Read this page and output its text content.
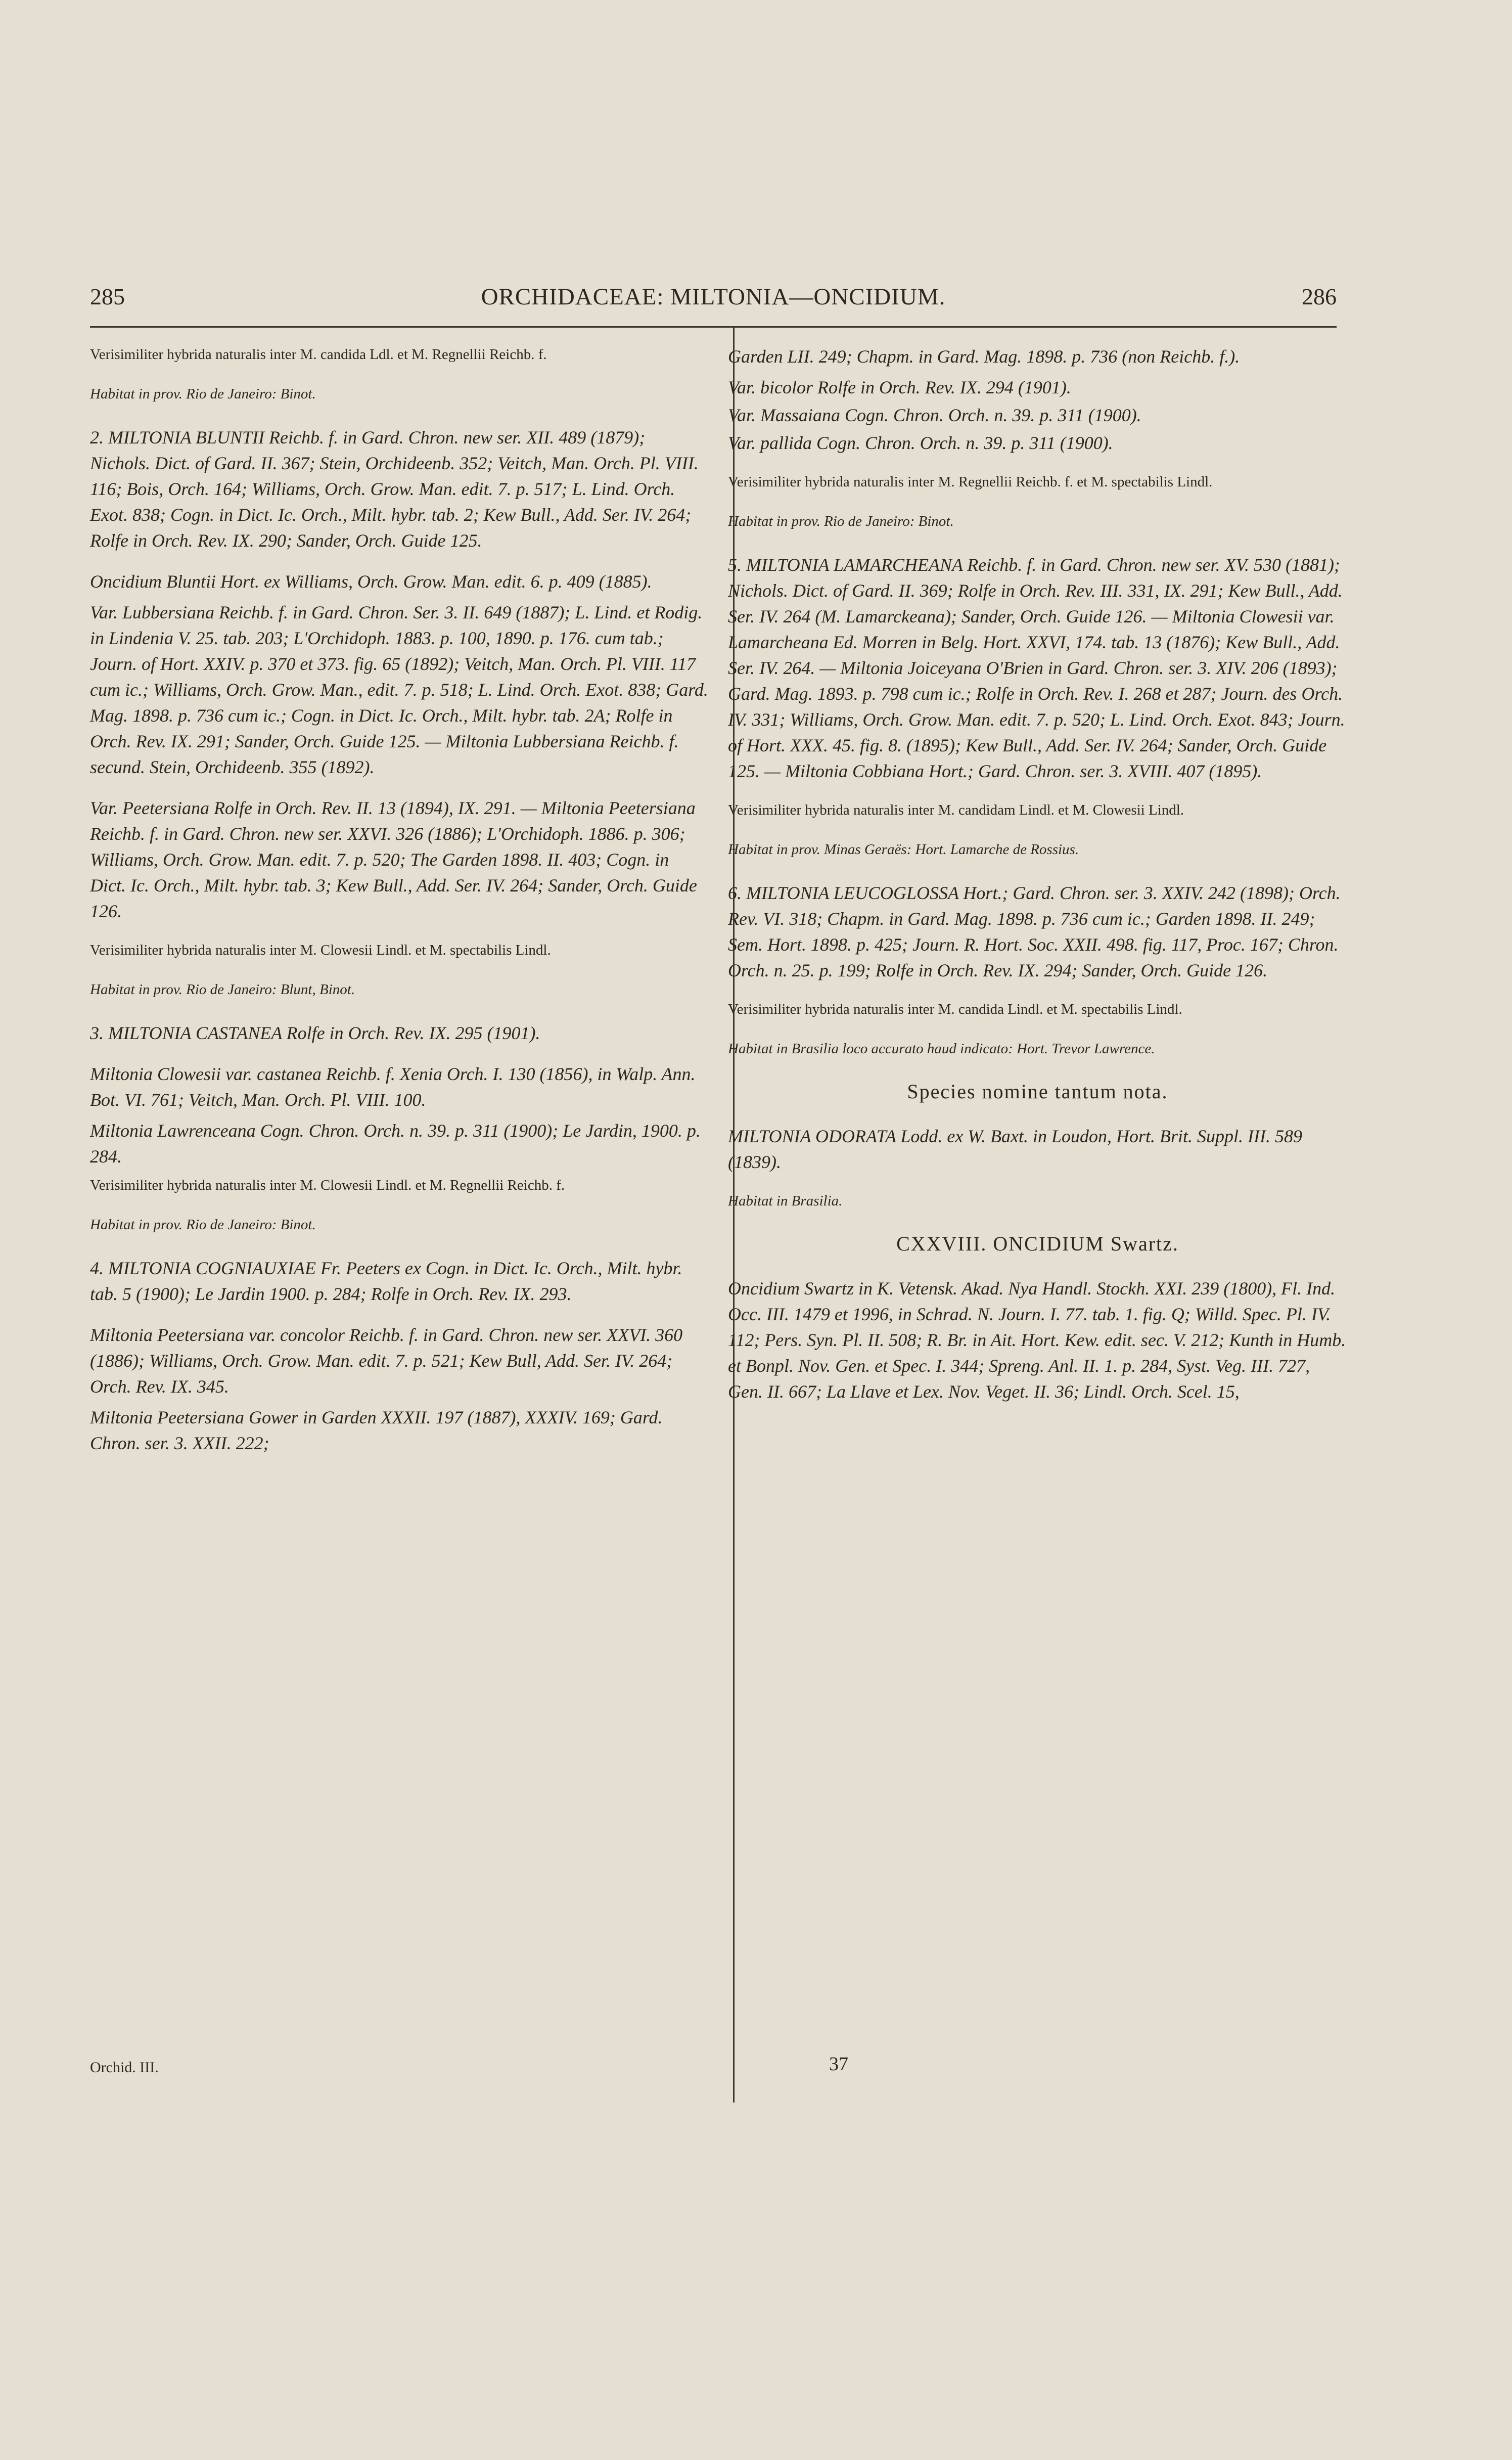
285	ORCHIDACEAE: MILTONIA—ONCIDIUM.	286

Verisimiliter hybrida naturalis inter M. candida Ldl. et M. Regnellii Reichb. f.

Habitat in prov. Rio de Janeiro: Binot.

2. MILTONIA BLUNTII Reichb. f. in Gard. Chron. new ser. XII. 489 (1879); Nichols. Dict. of Gard. II. 367; Stein, Orchideenb. 352; Veitch, Man. Orch. Pl. VIII. 116; Bois, Orch. 164; Williams, Orch. Grow. Man. edit. 7. p. 517; L. Lind. Orch. Exot. 838; Cogn. in Dict. Ic. Orch., Milt. hybr. tab. 2; Kew Bull., Add. Ser. IV. 264; Rolfe in Orch. Rev. IX. 290; Sander, Orch. Guide 125.

Oncidium Bluntii Hort. ex Williams, Orch. Grow. Man. edit. 6. p. 409 (1885).

Var. Lubbersiana Reichb. f. in Gard. Chron. Ser. 3. II. 649 (1887); L. Lind. et Rodig. in Lindenia V. 25. tab. 203; L'Orchidoph. 1883. p. 100, 1890. p. 176. cum tab.; Journ. of Hort. XXIV. p. 370 et 373. fig. 65 (1892); Veitch, Man. Orch. Pl. VIII. 117 cum ic.; Williams, Orch. Grow. Man., edit. 7. p. 518; L. Lind. Orch. Exot. 838; Gard. Mag. 1898. p. 736 cum ic.; Cogn. in Dict. Ic. Orch., Milt. hybr. tab. 2A; Rolfe in Orch. Rev. IX. 291; Sander, Orch. Guide 125. — Miltonia Lubbersiana Reichb. f. secund. Stein, Orchideenb. 355 (1892).

Var. Peetersiana Rolfe in Orch. Rev. II. 13 (1894), IX. 291. — Miltonia Peetersiana Reichb. f. in Gard. Chron. new ser. XXVI. 326 (1886); L'Orchidoph. 1886. p. 306; Williams, Orch. Grow. Man. edit. 7. p. 520; The Garden 1898. II. 403; Cogn. in Dict. Ic. Orch., Milt. hybr. tab. 3; Kew Bull., Add. Ser. IV. 264; Sander, Orch. Guide 126.

Verisimiliter hybrida naturalis inter M. Clowesii Lindl. et M. spectabilis Lindl.

Habitat in prov. Rio de Janeiro: Blunt, Binot.

3. MILTONIA CASTANEA Rolfe in Orch. Rev. IX. 295 (1901).

Miltonia Clowesii var. castanea Reichb. f. Xenia Orch. I. 130 (1856), in Walp. Ann. Bot. VI. 761; Veitch, Man. Orch. Pl. VIII. 100.

Miltonia Lawrenceana Cogn. Chron. Orch. n. 39. p. 311 (1900); Le Jardin, 1900. p. 284.

Verisimiliter hybrida naturalis inter M. Clowesii Lindl. et M. Regnellii Reichb. f.

Habitat in prov. Rio de Janeiro: Binot.

4. MILTONIA COGNIAUXIAE Fr. Peeters ex Cogn. in Dict. Ic. Orch., Milt. hybr. tab. 5 (1900); Le Jardin 1900. p. 284; Rolfe in Orch. Rev. IX. 293.

Miltonia Peetersiana var. concolor Reichb. f. in Gard. Chron. new ser. XXVI. 360 (1886); Williams, Orch. Grow. Man. edit. 7. p. 521; Kew Bull, Add. Ser. IV. 264; Orch. Rev. IX. 345.

Miltonia Peetersiana Gower in Garden XXXII. 197 (1887), XXXIV. 169; Gard. Chron. ser. 3. XXII. 222;

Garden LII. 249; Chapm. in Gard. Mag. 1898. p. 736 (non Reichb. f.).

Var. bicolor Rolfe in Orch. Rev. IX. 294 (1901).

Var. Massaiana Cogn. Chron. Orch. n. 39. p. 311 (1900).

Var. pallida Cogn. Chron. Orch. n. 39. p. 311 (1900).

Verisimiliter hybrida naturalis inter M. Regnellii Reichb. f. et M. spectabilis Lindl.

Habitat in prov. Rio de Janeiro: Binot.

5. MILTONIA LAMARCHEANA Reichb. f. in Gard. Chron. new ser. XV. 530 (1881); Nichols. Dict. of Gard. II. 369; Rolfe in Orch. Rev. III. 331, IX. 291; Kew Bull., Add. Ser. IV. 264 (M. Lamarckeana); Sander, Orch. Guide 126. — Miltonia Clowesii var. Lamarcheana Ed. Morren in Belg. Hort. XXVI, 174. tab. 13 (1876); Kew Bull., Add. Ser. IV. 264. — Miltonia Joiceyana O'Brien in Gard. Chron. ser. 3. XIV. 206 (1893); Gard. Mag. 1893. p. 798 cum ic.; Rolfe in Orch. Rev. I. 268 et 287; Journ. des Orch. IV. 331; Williams, Orch. Grow. Man. edit. 7. p. 520; L. Lind. Orch. Exot. 843; Journ. of Hort. XXX. 45. fig. 8. (1895); Kew Bull., Add. Ser. IV. 264; Sander, Orch. Guide 125. — Miltonia Cobbiana Hort.; Gard. Chron. ser. 3. XVIII. 407 (1895).

Verisimiliter hybrida naturalis inter M. candidam Lindl. et M. Clowesii Lindl.

Habitat in prov. Minas Geraës: Hort. Lamarche de Rossius.

6. MILTONIA LEUCOGLOSSA Hort.; Gard. Chron. ser. 3. XXIV. 242 (1898); Orch. Rev. VI. 318; Chapm. in Gard. Mag. 1898. p. 736 cum ic.; Garden 1898. II. 249; Sem. Hort. 1898. p. 425; Journ. R. Hort. Soc. XXII. 498. fig. 117, Proc. 167; Chron. Orch. n. 25. p. 199; Rolfe in Orch. Rev. IX. 294; Sander, Orch. Guide 126.

Verisimiliter hybrida naturalis inter M. candida Lindl. et M. spectabilis Lindl.

Habitat in Brasilia loco accurato haud indicato: Hort. Trevor Lawrence.

Species nomine tantum nota.

MILTONIA ODORATA Lodd. ex W. Baxt. in Loudon, Hort. Brit. Suppl. III. 589 (1839).

Habitat in Brasilia.

CXXVIII. ONCIDIUM Swartz.

Oncidium Swartz in K. Vetensk. Akad. Nya Handl. Stockh. XXI. 239 (1800), Fl. Ind. Occ. III. 1479 et 1996, in Schrad. N. Journ. I. 77. tab. 1. fig. Q; Willd. Spec. Pl. IV. 112; Pers. Syn. Pl. II. 508; R. Br. in Ait. Hort. Kew. edit. sec. V. 212; Kunth in Humb. et Bonpl. Nov. Gen. et Spec. I. 344; Spreng. Anl. II. 1. p. 284, Syst. Veg. III. 727, Gen. II. 667; La Llave et Lex. Nov. Veget. II. 36; Lindl. Orch. Scel. 15,

Orchid. III.	37
